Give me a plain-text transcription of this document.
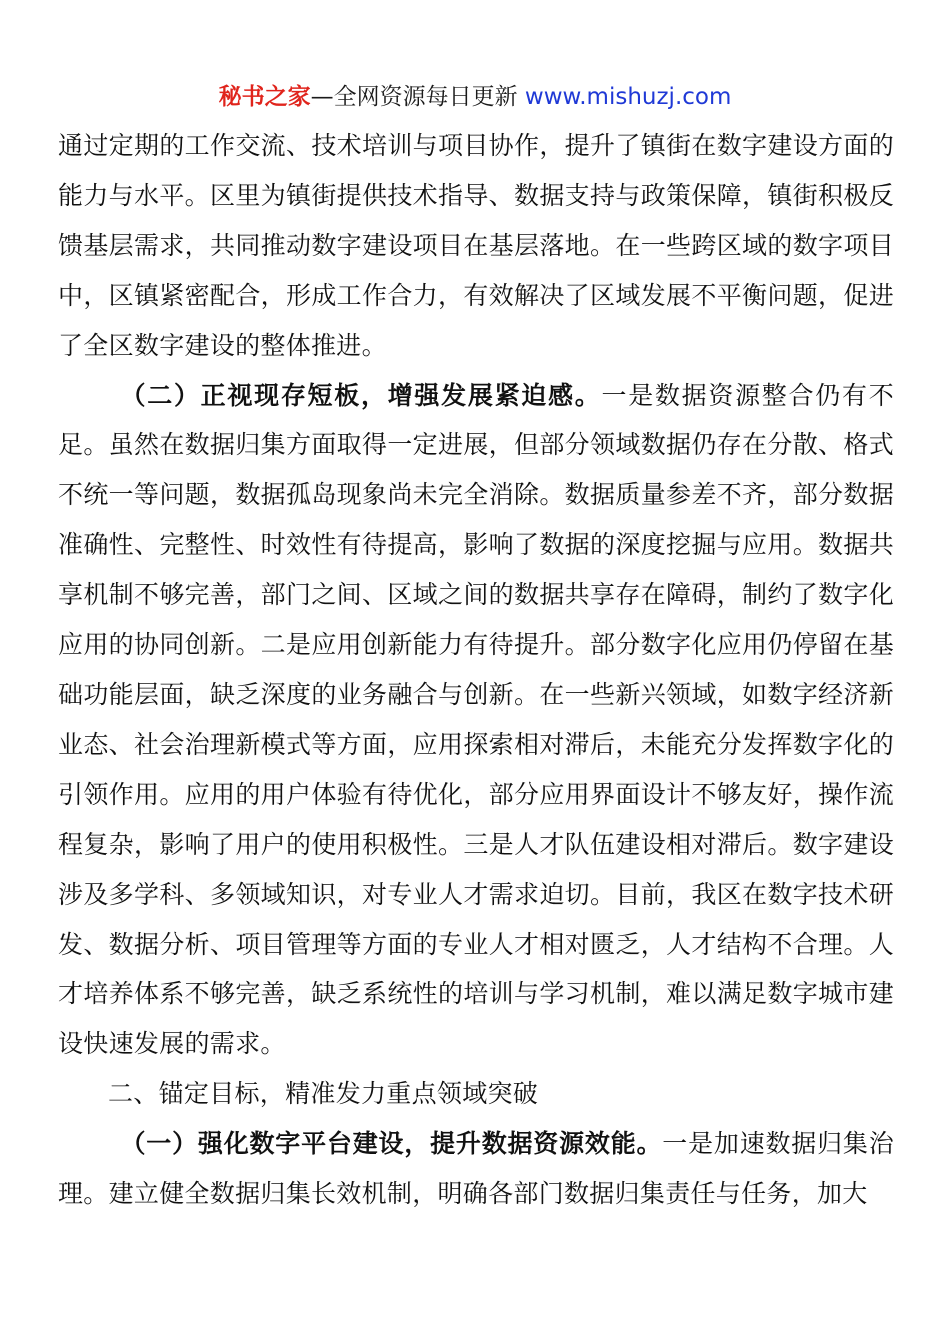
秘书之家—全网资源每日更新 www.mishuzj.com

通过定期的工作交流、技术培训与项目协作，提升了镇街在数字建设方面的能力与水平。区里为镇街提供技术指导、数据支持与政策保障，镇街积极反馈基层需求，共同推动数字建设项目在基层落地。在一些跨区域的数字项目中，区镇紧密配合，形成工作合力，有效解决了区域发展不平衡问题，促进了全区数字建设的整体推进。

（二）正视现存短板，增强发展紧迫感。一是数据资源整合仍有不足。虽然在数据归集方面取得一定进展，但部分领域数据仍存在分散、格式不统一等问题，数据孤岛现象尚未完全消除。数据质量参差不齐，部分数据准确性、完整性、时效性有待提高，影响了数据的深度挖掘与应用。数据共享机制不够完善，部门之间、区域之间的数据共享存在障碍，制约了数字化应用的协同创新。二是应用创新能力有待提升。部分数字化应用仍停留在基础功能层面，缺乏深度的业务融合与创新。在一些新兴领域，如数字经济新业态、社会治理新模式等方面，应用探索相对滞后，未能充分发挥数字化的引领作用。应用的用户体验有待优化，部分应用界面设计不够友好，操作流程复杂，影响了用户的使用积极性。三是人才队伍建设相对滞后。数字建设涉及多学科、多领域知识，对专业人才需求迫切。目前，我区在数字技术研发、数据分析、项目管理等方面的专业人才相对匮乏，人才结构不合理。人才培养体系不够完善，缺乏系统性的培训与学习机制，难以满足数字城市建设快速发展的需求。

二、锚定目标，精准发力重点领域突破

（一）强化数字平台建设，提升数据资源效能。一是加速数据归集治理。建立健全数据归集长效机制，明确各部门数据归集责任与任务，加大
